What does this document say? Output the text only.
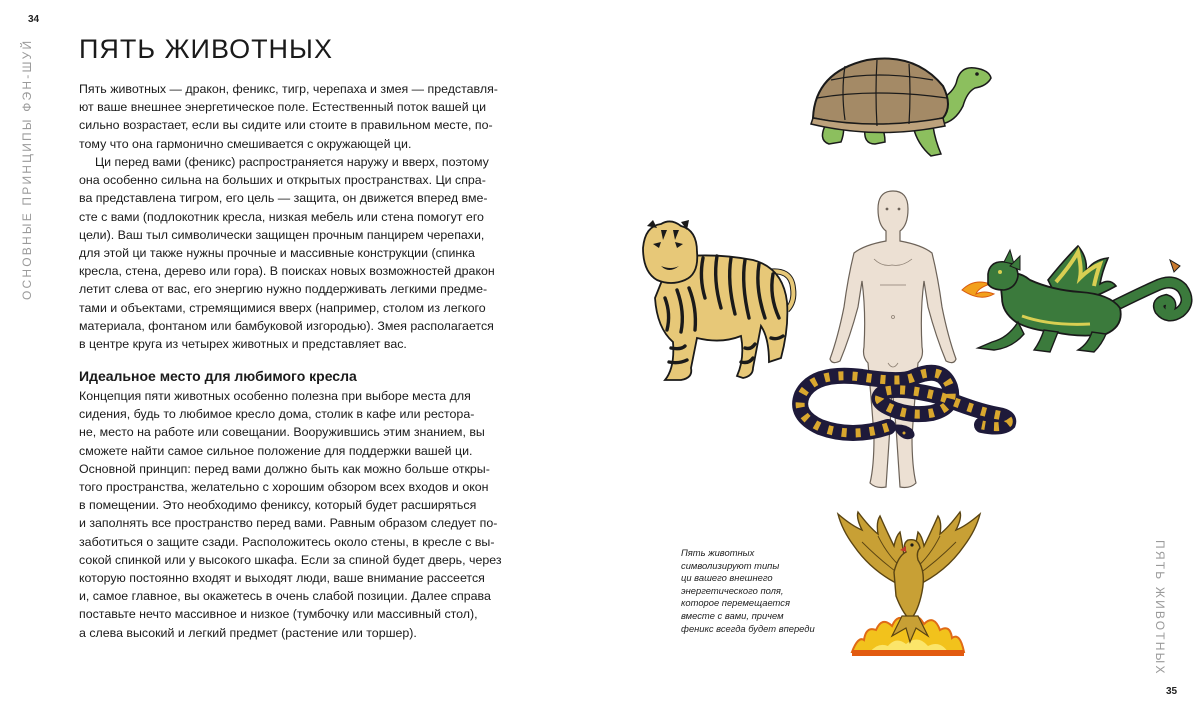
34
ОСНОВНЫЕ ПРИНЦИПЫ ФЭН-ШУЙ ПЯТЬ ЖИВОТНЫХ
Пять животных — дракон, феникс, тигр, черепаха и змея — представля-
ют ваше внешнее энергетическое поле. Естественный поток вашей ци
сильно возрастает, если вы сидите или стоите в правильном месте, по-
тому что она гармонично смешивается с окружающей ци.
Ци перед вами (феникс) распространяется наружу и вверх, поэтому
она особенно сильна на больших и открытых пространствах. Ци спра-
ва представлена тигром, его цель — защита, он движется вперед вме-
сте с вами (подлокотник кресла, низкая мебель или стена помогут его
цели). Ваш тыл символически защищен прочным панцирем черепахи,
для этой ци также нужны прочные и массивные конструкции (спинка
кресла, стена, дерево или гора). В поисках новых возможностей дракон
летит слева от вас, его энергию нужно поддерживать легкими предме-
тами и объектами, стремящимися вверх (например, столом из легкого
материала, фонтаном или бамбуковой изгородью). Змея располагается
в центре круга из четырех животных и представляет вас.
Идеальное место для любимого кресла
Концепция пяти животных особенно полезна при выборе места для
сидения, будь то любимое кресло дома, столик в кафе или рестора-
не, место на работе или совещании. Вооружившись этим знанием, вы
сможете найти самое сильное положение для поддержки вашей ци.
Основной принцип: перед вами должно быть как можно больше откры-
того пространства, желательно с хорошим обзором всех входов и окон
в помещении. Это необходимо фениксу, который будет расширяться
и заполнять все пространство перед вами. Равным образом следует по-
заботиться о защите сзади. Расположитесь около стены, в кресле с вы-
сокой спинкой или у высокого шкафа. Если за спиной будет дверь, через
которую постоянно входят и выходят люди, ваше внимание рассеется
и, самое главное, вы окажетесь в очень слабой позиции. Далее справа
поставьте нечто массивное и низкое (тумбочку или массивный стол),
а слева высокий и легкий предмет (растение или торшер).	ПЯТЬ ЖИВОТНЫХ
35
Пять животных
символизируют типы
ци вашего внешнего
энергетического поля,
которое перемещается
вместе с вами, причем
феникс всегда будет впереди
